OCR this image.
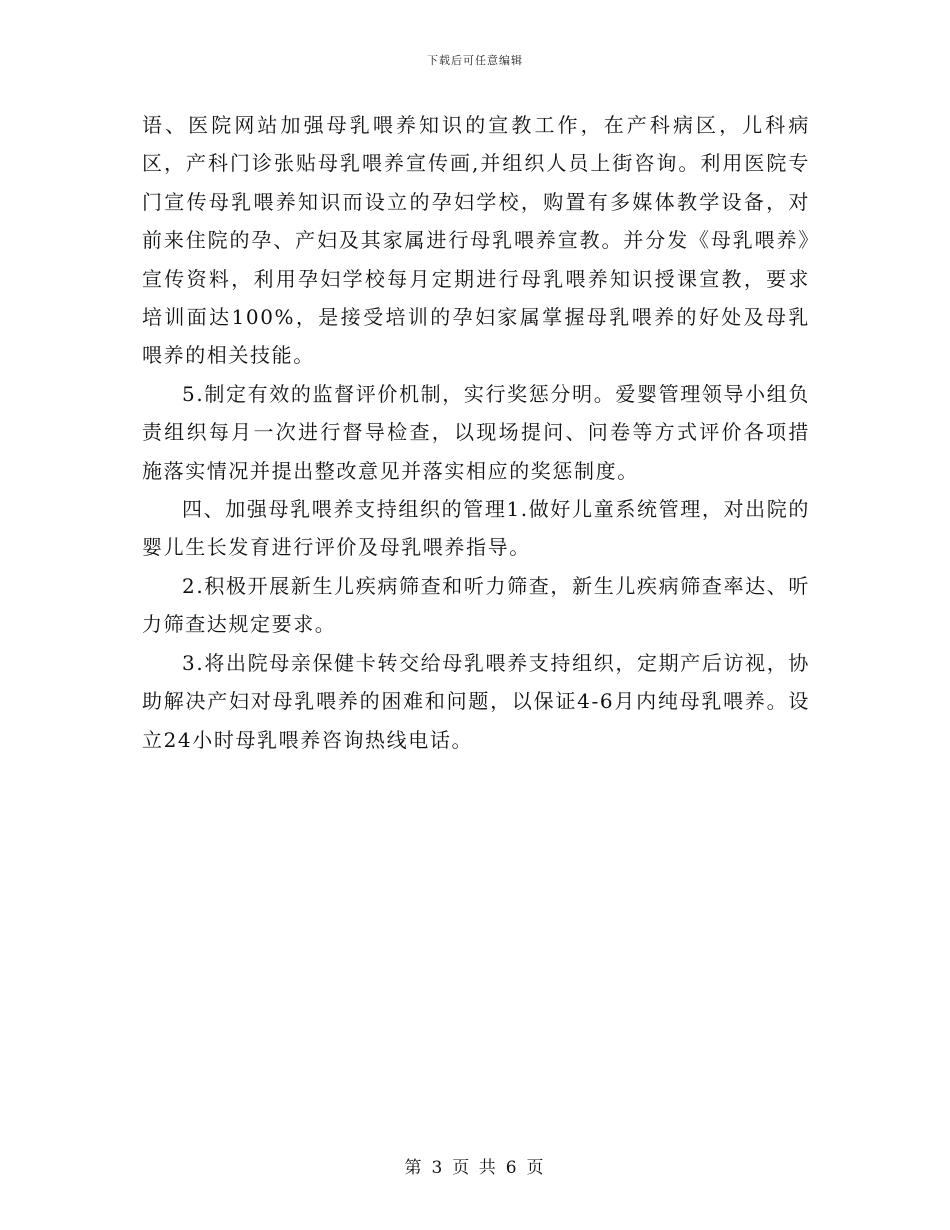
下载后可任意编辑

语、医院网站加强母乳喂养知识的宣教工作，在产科病区，儿科病区，产科门诊张贴母乳喂养宣传画,并组织人员上街咨询。利用医院专门宣传母乳喂养知识而设立的孕妇学校，购置有多媒体教学设备，对前来住院的孕、产妇及其家属进行母乳喂养宣教。并分发《母乳喂养》宣传资料，利用孕妇学校每月定期进行母乳喂养知识授课宣教，要求培训面达100%，是接受培训的孕妇家属掌握母乳喂养的好处及母乳喂养的相关技能。

5.制定有效的监督评价机制，实行奖惩分明。爱婴管理领导小组负责组织每月一次进行督导检查，以现场提问、问卷等方式评价各项措施落实情况并提出整改意见并落实相应的奖惩制度。

四、加强母乳喂养支持组织的管理1.做好儿童系统管理，对出院的婴儿生长发育进行评价及母乳喂养指导。

2.积极开展新生儿疾病筛查和听力筛查，新生儿疾病筛查率达、听力筛查达规定要求。

3.将出院母亲保健卡转交给母乳喂养支持组织，定期产后访视，协助解决产妇对母乳喂养的困难和问题，以保证4-6月内纯母乳喂养。设立24小时母乳喂养咨询热线电话。

第 3 页 共 6 页
